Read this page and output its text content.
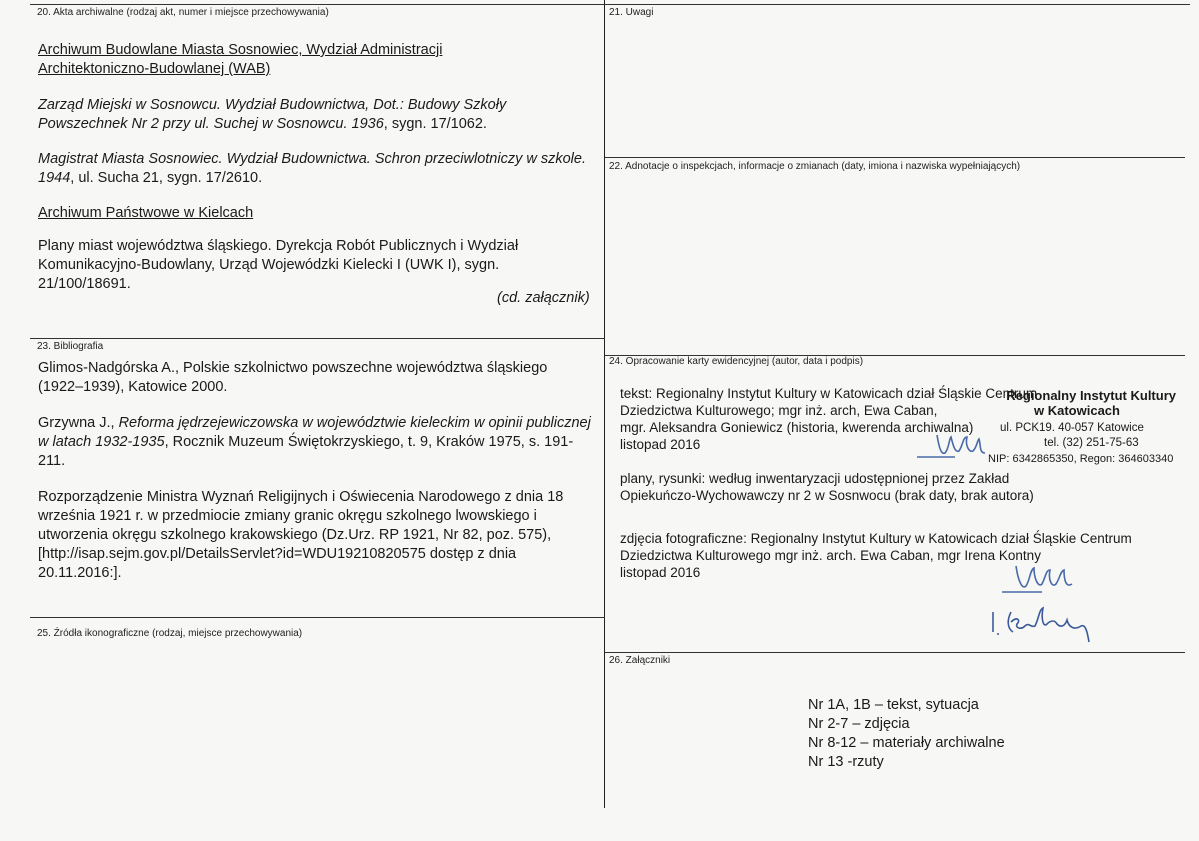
20. Akta archiwalne (rodzaj akt, numer i miejsce przechowywania)

Archiwum Budowlane Miasta Sosnowiec, Wydział Administracji Architektoniczno-Budowlanej (WAB)

Zarząd Miejski w Sosnowcu. Wydział Budownictwa, Dot.: Budowy Szkoły Powszechnek Nr 2 przy ul. Suchej w Sosnowcu. 1936, sygn. 17/1062.

Magistrat Miasta Sosnowiec. Wydział Budownictwa. Schron przeciwlotniczy w szkole. 1944, ul. Sucha 21, sygn. 17/2610.

Archiwum Państwowe w Kielcach

Plany miast województwa śląskiego. Dyrekcja Robót Publicznych i Wydział Komunikacyjno-Budowlany, Urząd Wojewódzki Kielecki I (UWK I), sygn. 21/100/18691.

(cd. załącznik)
21. Uwagi
22. Adnotacje o inspekcjach, informacje o zmianach (daty, imiona i nazwiska wypełniających)
23. Bibliografia

Glimos-Nadgórska A., Polskie szkolnictwo powszechne województwa śląskiego (1922–1939), Katowice 2000.

Grzywna J., Reforma jędrzejewiczowska w województwie kieleckim w opinii publicznej w latach 1932-1935, Rocznik Muzeum Świętokrzyskiego, t. 9, Kraków 1975, s. 191-211.

Rozporządzenie Ministra Wyznań Religijnych i Oświecenia Narodowego z dnia 18 września 1921 r. w przedmiocie zmiany granic okręgu szkolnego lwowskiego i utworzenia okręgu szkolnego krakowskiego (Dz.Urz. RP 1921, Nr 82, poz. 575), [http://isap.sejm.gov.pl/DetailsServlet?id=WDU19210820575 dostęp z dnia 20.11.2016:].

25. Źródła ikonograficzne (rodzaj, miejsce przechowywania)
24. Opracowanie karty ewidencyjnej (autor, data i podpis)

tekst: Regionalny Instytut Kultury w Katowicach dział Śląskie Centrum

Dziedzictwa Kulturowego; mgr inż. arch, Ewa Caban,

mgr. Aleksandra Goniewicz (historia, kwerenda archiwalna)

listopad 2016

plany, rysunki: według inwentaryzacji udostępnionej przez Zakład Opiekuńczo-Wychowawczy nr 2 w Sosnwocu (brak daty, brak autora)

zdjęcia fotograficzne: Regionalny Instytut Kultury w Katowicach dział Śląskie Centrum

Dziedzictwa Kulturowego mgr inż. arch. Ewa Caban, mgr Irena Kontny

listopad 2016

Regionalny Instytut Kultury
w Katowicach
ul. PCK19. 40-057 Katowice
tel. (32) 251-75-63
NIP: 6342865350, Regon: 364603340
26. Załączniki

Nr 1A, 1B – tekst, sytuacja

Nr 2-7 – zdjęcia

Nr 8-12 – materiały archiwalne

Nr 13 -rzuty
